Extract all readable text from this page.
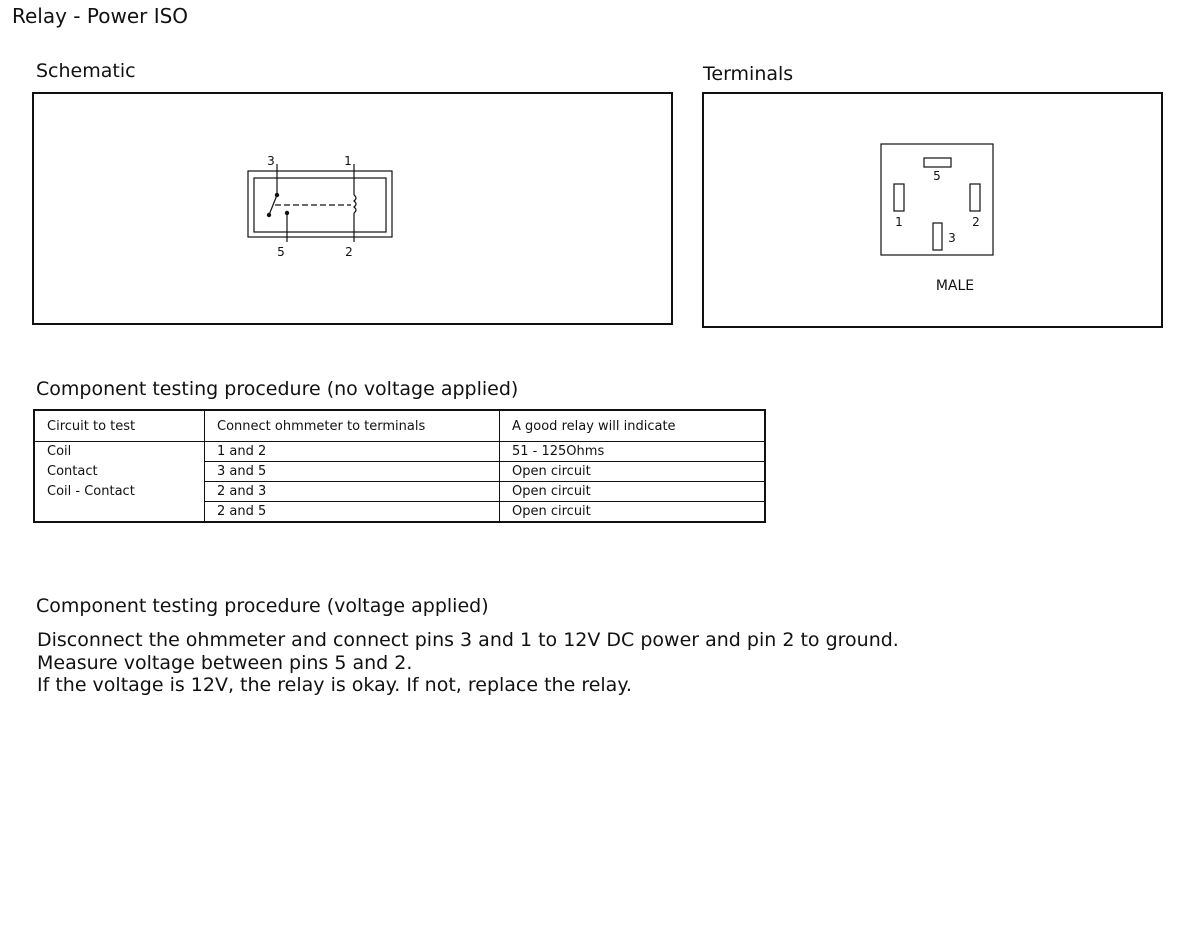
Relay - Power ISO
Schematic
3	1
5	2
Terminals
5
1	2
3
MALE
Component testing procedure (no voltage applied)
Circuit to test	Connect ohmmeter to terminals	A good relay will indicate
Coil	1 and 2	51 - 125Ohms
Contact	3 and 5	Open circuit
Coil - Contact	2 and 3	Open circuit
	2 and 5	Open circuit
Component testing procedure (voltage applied)
Disconnect the ohmmeter and connect pins 3 and 1 to 12V DC power and pin 2 to ground.
Measure voltage between pins 5 and 2.
If the voltage is 12V, the relay is okay. If not, replace the relay.
